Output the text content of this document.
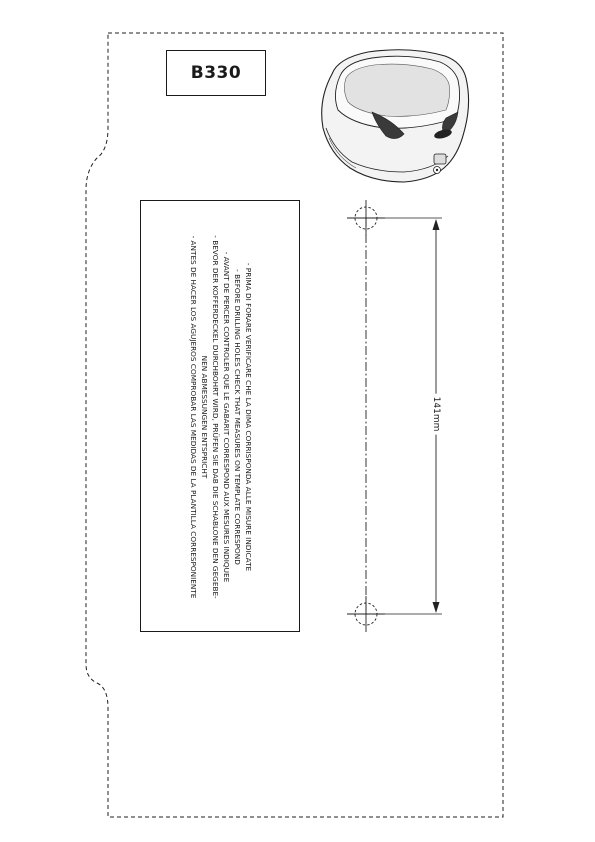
B330
- PRIMA DI FORARE VERIFICARE CHE LA DIMA CORRISPONDA ALLE MISURE INDICATE
- BEFORE DRILLING HOLES CHECK THAT MEASURES ON TEMPLATE CORRESPOND
- AVANT DE PERCER CONTROLER QUE LE GABARIT CORRESPOND AUX MESURES INDIQUEE
- BEVOR DER KOFFERDECKEL DURCHBOHRT WIRD, PRÜFEN SIE DAB DIE SCHABLONE DEN GEGEBE-
NEN ABMESSUNGEN ENTSPRICHT
- ANTES DE HACER LOS AGUJEROS COMPROBAR LAS MEDIDAS DE LA PLANTILLA CORRESPONIENTE	141mm
